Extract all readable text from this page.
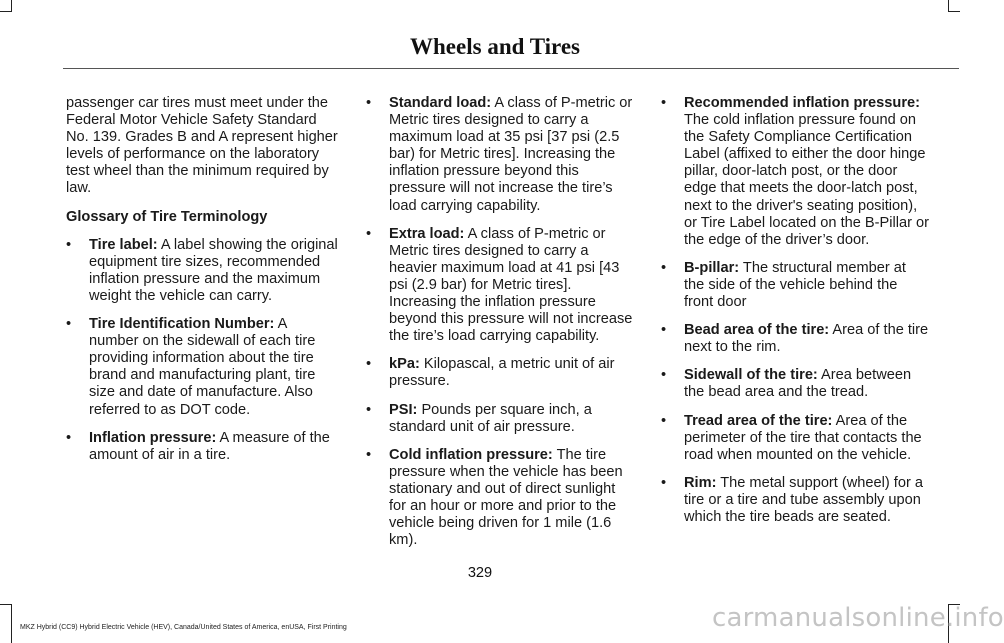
Wheels and Tires

passenger car tires must meet under the Federal Motor Vehicle Safety Standard No. 139. Grades B and A represent higher levels of performance on the laboratory test wheel than the minimum required by law.

Glossary of Tire Terminology

• Tire label: A label showing the original equipment tire sizes, recommended inflation pressure and the maximum weight the vehicle can carry.
• Tire Identification Number: A number on the sidewall of each tire providing information about the tire brand and manufacturing plant, tire size and date of manufacture. Also referred to as DOT code.
• Inflation pressure: A measure of the amount of air in a tire.
• Standard load: A class of P-metric or Metric tires designed to carry a maximum load at 35 psi [37 psi (2.5 bar) for Metric tires]. Increasing the inflation pressure beyond this pressure will not increase the tire’s load carrying capability.
• Extra load: A class of P-metric or Metric tires designed to carry a heavier maximum load at 41 psi [43 psi (2.9 bar) for Metric tires]. Increasing the inflation pressure beyond this pressure will not increase the tire’s load carrying capability.
• kPa: Kilopascal, a metric unit of air pressure.
• PSI: Pounds per square inch, a standard unit of air pressure.
• Cold inflation pressure: The tire pressure when the vehicle has been stationary and out of direct sunlight for an hour or more and prior to the vehicle being driven for 1 mile (1.6 km).
• Recommended inflation pressure: The cold inflation pressure found on the Safety Compliance Certification Label (affixed to either the door hinge pillar, door-latch post, or the door edge that meets the door-latch post, next to the driver's seating position), or Tire Label located on the B-Pillar or the edge of the driver’s door.
• B-pillar: The structural member at the side of the vehicle behind the front door
• Bead area of the tire: Area of the tire next to the rim.
• Sidewall of the tire: Area between the bead area and the tread.
• Tread area of the tire: Area of the perimeter of the tire that contacts the road when mounted on the vehicle.
• Rim: The metal support (wheel) for a tire or a tire and tube assembly upon which the tire beads are seated.
329
MKZ Hybrid (CC9) Hybrid Electric Vehicle (HEV), Canada/United States of America, enUSA, First Printing	carmanualsonline.info
